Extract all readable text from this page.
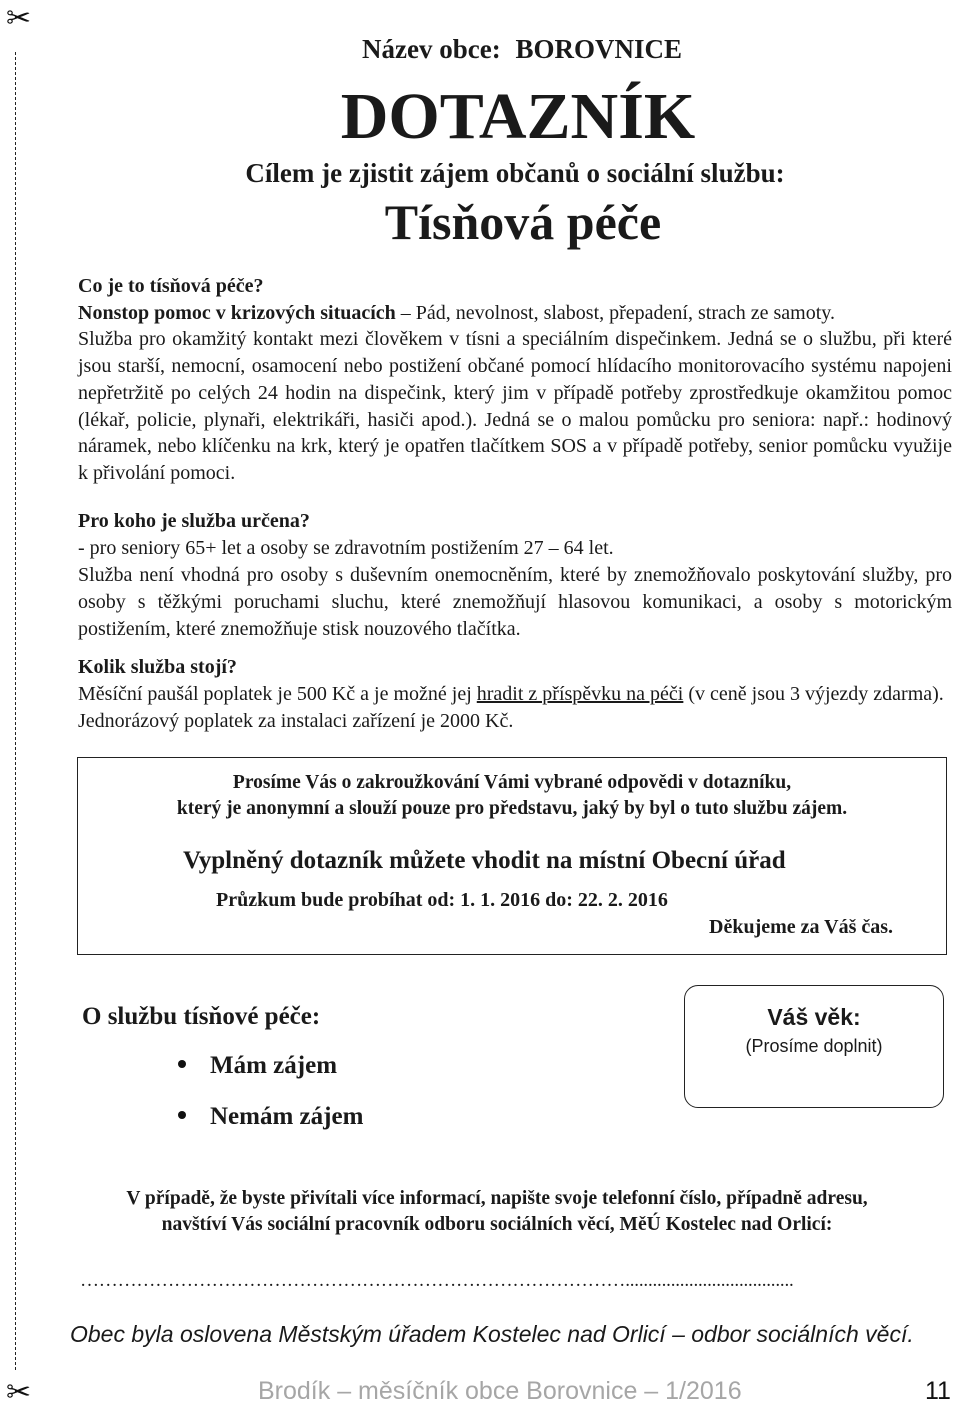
✂
✂
Název obce: BOROVNICE
DOTAZNÍK
Cílem je zjistit zájem občanů o sociální službu:
Tísňová péče

Co je to tísňová péče?

Nonstop pomoc v krizových situacích – Pád, nevolnost, slabost, přepadení, strach ze samoty.

Služba pro okamžitý kontakt mezi člověkem v tísni a speciálním dispečinkem. Jedná se o službu, při které jsou starší, nemocní, osamocení nebo postižení občané pomocí hlídacího monitorovacího systému napojeni nepřetržitě po celých 24 hodin na dispečink, který jim v případě potřeby zprostředkuje okamžitou pomoc (lékař, policie, plynaři, elektrikáři, hasiči apod.). Jedná se o malou pomůcku pro seniora: např.: hodinový náramek, nebo klíčenku na krk, který je opatřen tlačítkem SOS a v případě potřeby, senior pomůcku využije k přivolání pomoci.

Pro koho je služba určena?

- pro seniory 65+ let a osoby se zdravotním postižením 27 – 64 let.

Služba není vhodná pro osoby s duševním onemocněním, které by znemožňovalo poskytování služby, pro osoby s těžkými poruchami sluchu, které znemožňují hlasovou komunikaci, a osoby s motorickým postižením, které znemožňuje stisk nouzového tlačítka.

Kolik služba stojí?

Měsíční paušál poplatek je 500 Kč a je možné jej hradit z příspěvku na péči (v ceně jsou 3 výjezdy zdarma). Jednorázový poplatek za instalaci zařízení je 2000 Kč.

Prosíme Vás o zakroužkování Vámi vybrané odpovědi v dotazníku,
který je anonymní a slouží pouze pro představu, jaký by byl o tuto službu zájem.
Vyplněný dotazník můžete vhodit na místní Obecní úřad
Průzkum bude probíhat od: 1. 1. 2016 do: 22. 2. 2016
Děkujeme za Váš čas.
O službu tísňové péče:
Mám zájem
Nemám zájem
Váš věk:
(Prosíme doplnit)

V případě, že byste přivítali více informací, napište svoje telefonní číslo, případně adresu,

navštíví Vás sociální pracovník odboru sociálních věcí, MěÚ Kostelec nad Orlicí:

…………………………………………………………………………….....................................
Obec byla oslovena Městským úřadem Kostelec nad Orlicí – odbor sociálních věcí.
Brodík – měsíčník obce Borovnice – 1/2016	11
